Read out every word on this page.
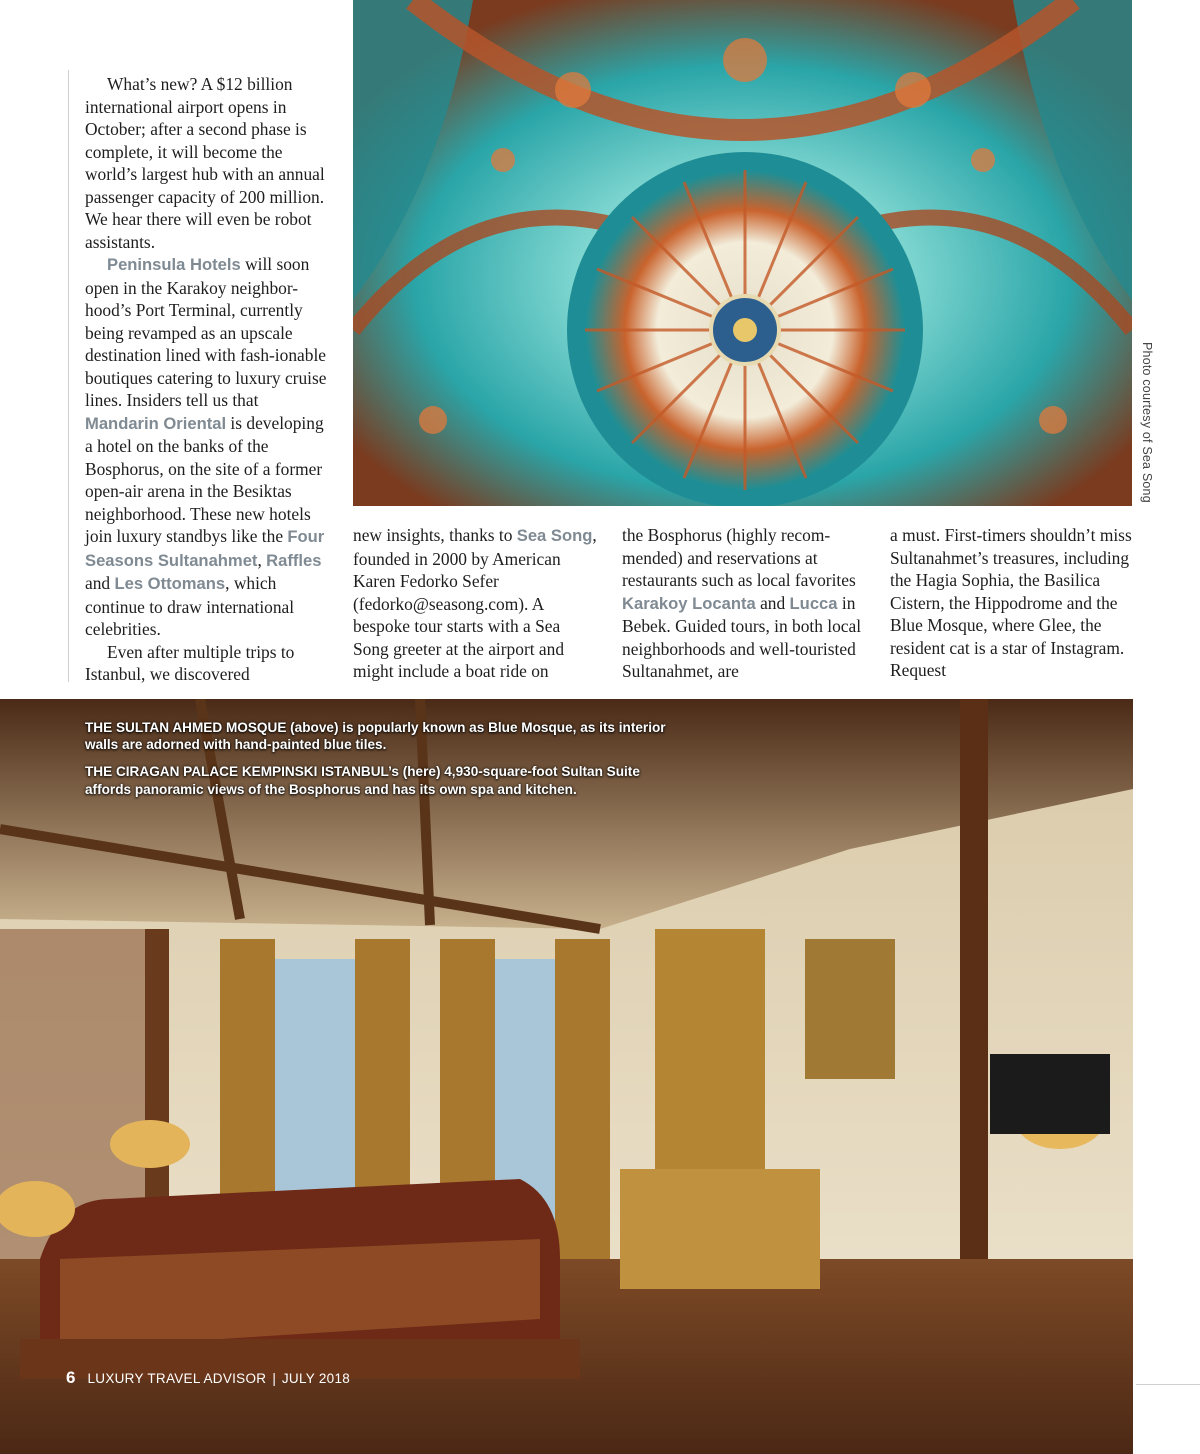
What’s new? A $12 billion international airport opens in October; after a second phase is complete, it will become the world’s largest hub with an annual passenger capacity of 200 million. We hear there will even be robot assistants.

Peninsula Hotels will soon open in the Karakoy neighbor-hood’s Port Terminal, currently being revamped as an upscale destination lined with fash-ionable boutiques catering to luxury cruise lines. Insiders tell us that Mandarin Oriental is developing a hotel on the banks of the Bosphorus, on the site of a former open-air arena in the Besiktas neighborhood. These new hotels join luxury standbys like the Four Seasons Sultanahmet, Raffles and Les Ottomans, which continue to draw international celebrities.

Even after multiple trips to Istanbul, we discovered

Photo courtesy of Sea Song

new insights, thanks to Sea Song, founded in 2000 by American Karen Fedorko Sefer (fedorko@seasong.com). A bespoke tour starts with a Sea Song greeter at the airport and might include a boat ride on

the Bosphorus (highly recom-mended) and reservations at restaurants such as local favorites Karakoy Locanta and Lucca in Bebek. Guided tours, in both local neighborhoods and well-touristed Sultanahmet, are

a must. First-timers shouldn’t miss Sultanahmet’s treasures, including the Hagia Sophia, the Basilica Cistern, the Hippodrome and the Blue Mosque, where Glee, the resident cat is a star of Instagram. Request

THE SULTAN AHMED MOSQUE (above) is popularly known as Blue Mosque, as its interior walls are adorned with hand-painted blue tiles.

THE CIRAGAN PALACE KEMPINSKI ISTANBUL’s (here) 4,930-square-foot Sultan Suite affords panoramic views of the Bosphorus and has its own spa and kitchen.

6 LUXURY TRAVEL ADVISOR | JULY 2018
